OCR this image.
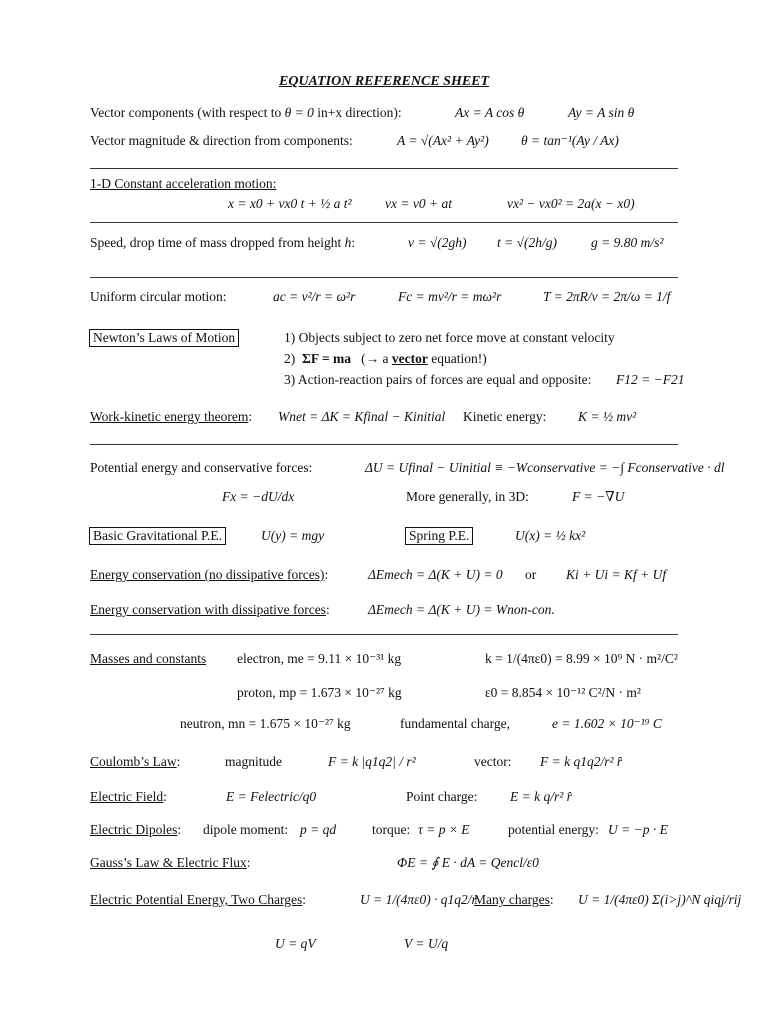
EQUATION REFERENCE SHEET
Vector components (with respect to θ = 0 in+x direction):	Ax = A cos θ	Ay = A sin θ
Vector magnitude & direction from components:	A = √(Ax² + Ay²) θ = tan⁻¹(Ay / Ax)
1-D Constant acceleration motion:
x = x0 + vx0 t + ½ a t² vx = v0 + at	vx² − vx0² = 2a(x − x0)
Speed, drop time of mass dropped from height h:	v = √(2gh) t = √(2h/g)	g = 9.80 m/s²
Uniform circular motion:	ac = v²/r = ω²r	Fc = mv²/r = mω²r	T = 2πR/v = 2π/ω = 1/f
Newton’s Laws of Motion	1) Objects subject to zero net force move at constant velocity
2) ΣF = ma (→ a vector equation!)
3) Action-reaction pairs of forces are equal and opposite: F12 = −F21
Work-kinetic energy theorem: Wnet = ΔK = Kfinal − Kinitial Kinetic energy: K = ½ mv²
Potential energy and conservative forces:	ΔU = Ufinal − Uinitial ≡ −Wconservative = −∫ Fconservative · dl
Fx = −dU/dx	More generally, in 3D:	F = −∇U
Basic Gravitational P.E.	U(y) = mgy	Spring P.E.	U(x) = ½ kx²
Energy conservation (no dissipative forces):	ΔEmech = Δ(K + U) = 0 or Ki + Ui = Kf + Uf
Energy conservation with dissipative forces:	ΔEmech = Δ(K + U) = Wnon-con.
Masses and constants electron, me = 9.11 × 10⁻³¹ kg	k = 1/(4πε0) = 8.99 × 10⁹ N · m²/C²
proton, mp = 1.673 × 10⁻²⁷ kg	ε0 = 8.854 × 10⁻¹² C²/N · m²
neutron, mn = 1.675 × 10⁻²⁷ kg	fundamental charge,	e = 1.602 × 10⁻¹⁹ C
Coulomb’s Law:	magnitude	F = k |q1q2| / r²	vector: F = k q1q2/r² r̂
Electric Field:	E = Felectric/q0	Point charge: E = k q/r² r̂
Electric Dipoles: dipole moment: p = qd	torque: τ = p × E	potential energy: U = −p · E
Gauss’s Law & Electric Flux:	ΦE = ∮ E · dA = Qencl/ε0
Electric Potential Energy, Two Charges:	U = 1/(4πε0) · q1q2/r
Many charges: U = 1/(4πε0) Σ(i>j)^N qiqj/rij
U = qV	V = U/q
